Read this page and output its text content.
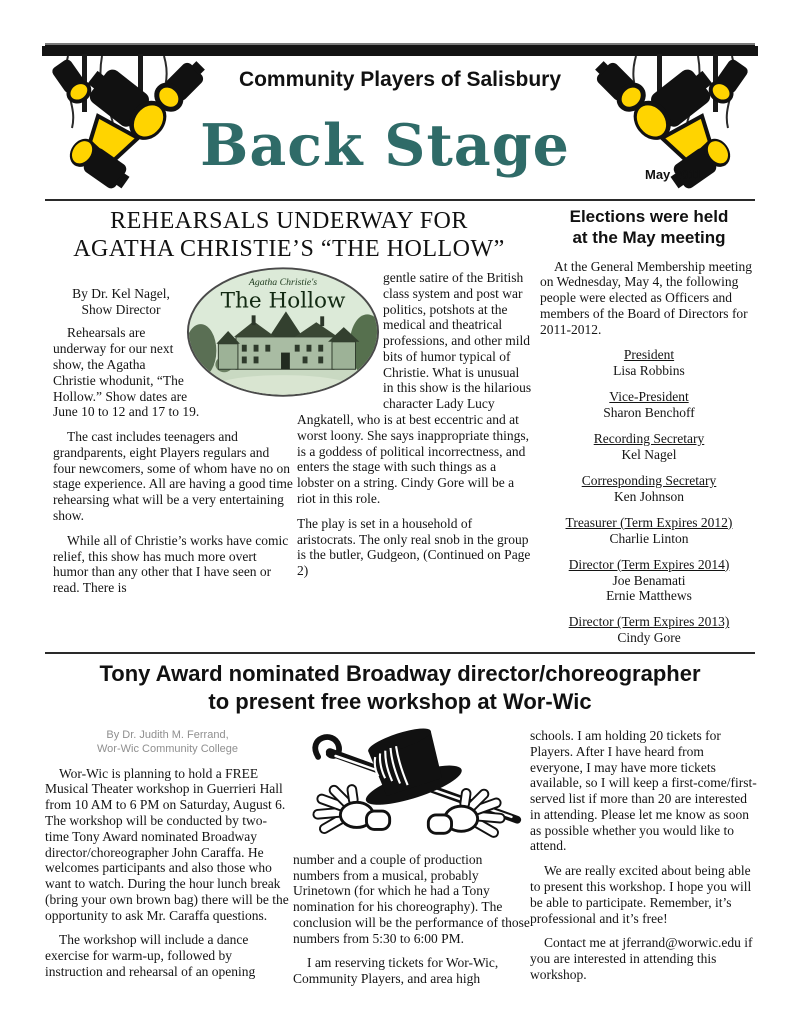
Community Players of Salisbury
Back Stage	May 2011
REHEARSALS UNDERWAY FOR
AGATHA CHRISTIE’S “THE HOLLOW”
Agatha Christie's
The Hollow
By Dr. Kel Nagel,
Show Director

Rehearsals are underway for our next show, the Agatha Christie whodunit, “The Hollow.” Show dates are June 10 to 12 and 17 to 19.

The cast includes teenagers and grandparents, eight Players regulars and four newcomers, some of whom have no on stage experience. All are having a good time rehearsing what will be a very entertaining show.

While all of Christie’s works have comic relief, this show has much more overt humor than any other that I have seen or read. There is

gentle satire of the British class system and post war politics, potshots at the medical and theatrical professions, and other mild bits of humor typical of Christie. What is unusual in this show is the hilarious character Lady Lucy Angkatell, who is at best eccentric and at worst loony. She says inappropriate things, is a goddess of political incorrectness, and enters the stage with such things as a lobster on a string. Cindy Gore will be a riot in this role.

The play is set in a household of aristocrats. The only real snob in the group is the butler, Gudgeon, (Continued on Page 2)

Elections were held
at the May meeting

At the General Membership meeting on Wednesday, May 4, the following people were elected as Officers and members of the Board of Directors for 2011-2012.

President
Lisa Robbins
Vice-President
Sharon Benchoff
Recording Secretary
Kel Nagel
Corresponding Secretary
Ken Johnson
Treasurer (Term Expires 2012)
Charlie Linton
Director (Term Expires 2014)
Joe Benamati
Ernie Matthews
Director (Term Expires 2013)
Cindy Gore
Tony Award nominated Broadway director/choreographer
to present free workshop at Wor-Wic
By Dr. Judith M. Ferrand,
Wor-Wic Community College

Wor-Wic is planning to hold a FREE Musical Theater workshop in Guerrieri Hall from 10 AM to 6 PM on Saturday, August 6. The workshop will be conducted by two-time Tony Award nominated Broadway director/choreographer John Caraffa. He welcomes participants and also those who want to watch. During the hour lunch break (bring your own brown bag) there will be the opportunity to ask Mr. Caraffa questions.

The workshop will include a dance exercise for warm-up, followed by instruction and rehearsal of an opening

number and a couple of production numbers from a musical, probably Urinetown (for which he had a Tony nomination for his choreography). The conclusion will be the performance of those numbers from 5:30 to 6:00 PM.

I am reserving tickets for Wor-Wic, Community Players, and area high

schools. I am holding 20 tickets for Players. After I have heard from everyone, I may have more tickets available, so I will keep a first-come/first-served list if more than 20 are interested in attending. Please let me know as soon as possible whether you would like to attend.

We are really excited about being able to present this workshop. I hope you will be able to participate. Remember, it’s professional and it’s free!

Contact me at jferrand@worwic.edu if you are interested in attending this workshop.
